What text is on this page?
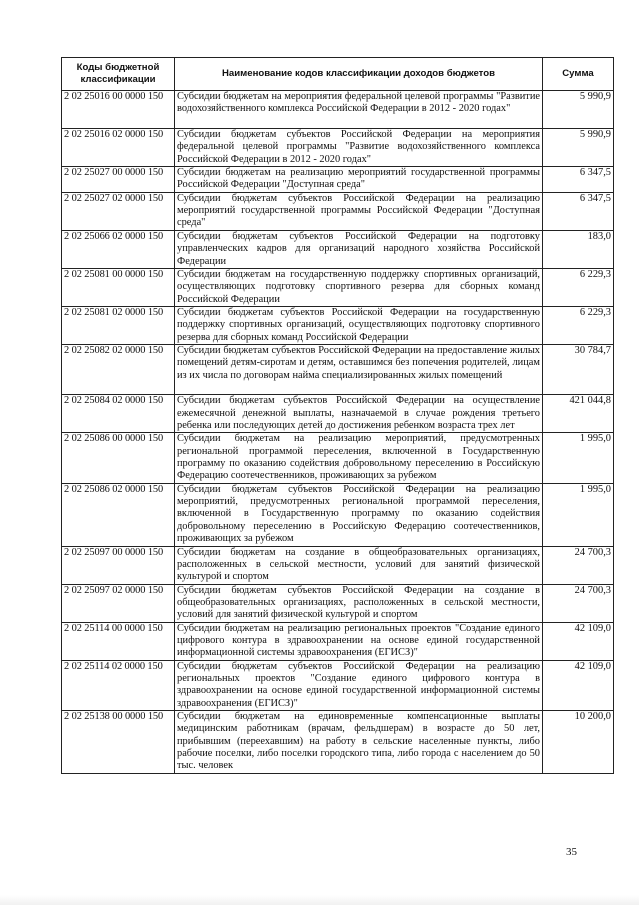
Коды бюджетной классификации	Наименование кодов классификации доходов бюджетов	Сумма
2 02 25016 00 0000 150	Субсидии бюджетам на мероприятия федеральной целевой программы "Развитие водохозяйственного комплекса Российской Федерации в 2012 - 2020 годах"	5 990,9
2 02 25016 02 0000 150	Субсидии бюджетам субъектов Российской Федерации на мероприятия федеральной целевой программы "Развитие водохозяйственного комплекса Российской Федерации в 2012 - 2020 годах"	5 990,9
2 02 25027 00 0000 150	Субсидии бюджетам на реализацию мероприятий государственной программы Российской Федерации "Доступная среда"	6 347,5
2 02 25027 02 0000 150	Субсидии бюджетам субъектов Российской Федерации на реализацию мероприятий государственной программы Российской Федерации "Доступная среда"	6 347,5
2 02 25066 02 0000 150	Субсидии бюджетам субъектов Российской Федерации на подготовку управленческих кадров для организаций народного хозяйства Российской Федерации	183,0
2 02 25081 00 0000 150	Субсидии бюджетам на государственную поддержку спортивных организаций, осуществляющих подготовку спортивного резерва для сборных команд Российской Федерации	6 229,3
2 02 25081 02 0000 150	Субсидии бюджетам субъектов Российской Федерации на государственную поддержку спортивных организаций, осуществляющих подготовку спортивного резерва для сборных команд Российской Федерации	6 229,3
2 02 25082 02 0000 150	Субсидии бюджетам субъектов Российской Федерации на предоставление жилых помещений детям-сиротам и детям, оставшимся без попечения родителей, лицам из их числа по договорам найма специализированных жилых помещений	30 784,7
2 02 25084 02 0000 150	Субсидии бюджетам субъектов Российской Федерации на осуществление ежемесячной денежной выплаты, назначаемой в случае рождения третьего ребенка или последующих детей до достижения ребенком возраста трех лет	421 044,8
2 02 25086 00 0000 150	Субсидии бюджетам на реализацию мероприятий, предусмотренных региональной программой переселения, включенной в Государственную программу по оказанию содействия добровольному переселению в Российскую Федерацию соотечественников, проживающих за рубежом	1 995,0
2 02 25086 02 0000 150	Субсидии бюджетам субъектов Российской Федерации на реализацию мероприятий, предусмотренных региональной программой переселения, включенной в Государственную программу по оказанию содействия добровольному переселению в Российскую Федерацию соотечественников, проживающих за рубежом	1 995,0
2 02 25097 00 0000 150	Субсидии бюджетам на создание в общеобразовательных организациях, расположенных в сельской местности, условий для занятий физической культурой и спортом	24 700,3
2 02 25097 02 0000 150	Субсидии бюджетам субъектов Российской Федерации на создание в общеобразовательных организациях, расположенных в сельской местности, условий для занятий физической культурой и спортом	24 700,3
2 02 25114 00 0000 150	Субсидии бюджетам на реализацию региональных проектов "Создание единого цифрового контура в здравоохранении на основе единой государственной информационной системы здравоохранения (ЕГИСЗ)"	42 109,0
2 02 25114 02 0000 150	Субсидии бюджетам субъектов Российской Федерации на реализацию региональных проектов "Создание единого цифрового контура в здравоохранении на основе единой государственной информационной системы здравоохранения (ЕГИСЗ)"	42 109,0
2 02 25138 00 0000 150	Субсидии бюджетам на единовременные компенсационные выплаты медицинским работникам (врачам, фельдшерам) в возрасте до 50 лет, прибывшим (переехавшим) на работу в сельские населенные пункты, либо рабочие поселки, либо поселки городского типа, либо города с населением до 50 тыс. человек	10 200,0
35
